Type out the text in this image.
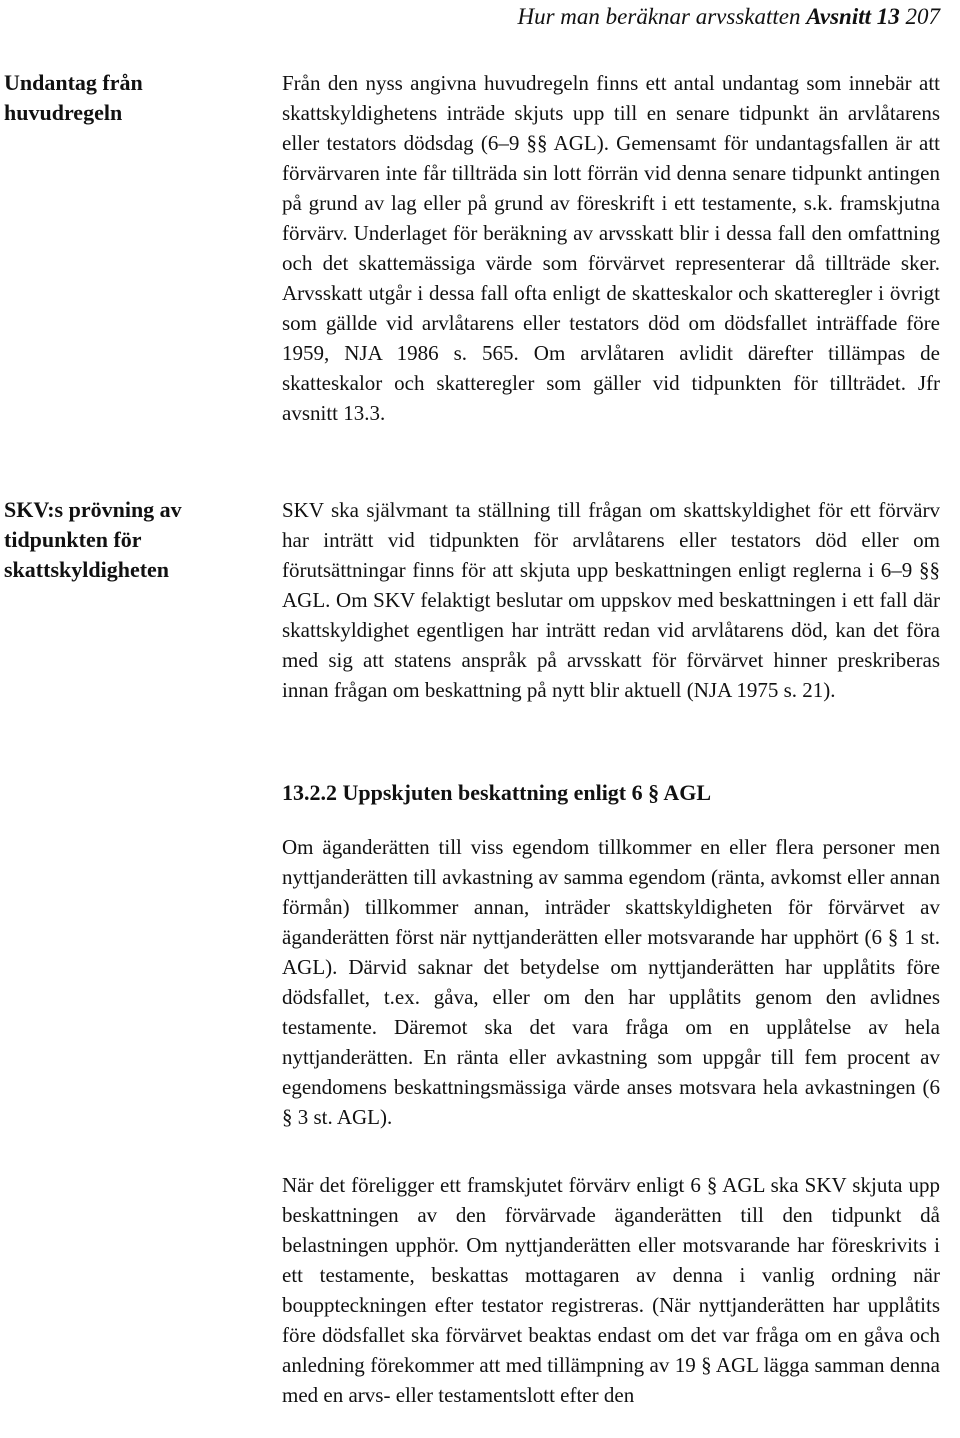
Hur man beräknar arvsskatten Avsnitt 13 207
Undantag från huvudregeln

Från den nyss angivna huvudregeln finns ett antal undantag som innebär att skattskyldighetens inträde skjuts upp till en senare tidpunkt än arvlåtarens eller testators dödsdag (6–9 §§ AGL). Gemensamt för undantagsfallen är att förvärvaren inte får tillträda sin lott förrän vid denna senare tidpunkt antingen på grund av lag eller på grund av föreskrift i ett testamente, s.k. framskjutna förvärv. Underlaget för beräkning av arvsskatt blir i dessa fall den omfattning och det skattemässiga värde som förvärvet representerar då tillträde sker. Arvsskatt utgår i dessa fall ofta enligt de skatteskalor och skatteregler i övrigt som gällde vid arvlåtarens eller testators död om dödsfallet inträffade före 1959, NJA 1986 s. 565. Om arvlåtaren avlidit därefter tillämpas de skatteskalor och skatteregler som gäller vid tidpunkten för tillträdet. Jfr avsnitt 13.3.

SKV:s prövning av tidpunkten för skattskyldigheten

SKV ska självmant ta ställning till frågan om skattskyldighet för ett förvärv har inträtt vid tidpunkten för arvlåtarens eller testators död eller om förutsättningar finns för att skjuta upp beskattningen enligt reglerna i 6–9 §§ AGL. Om SKV felaktigt beslutar om uppskov med beskattningen i ett fall där skattskyldighet egentligen har inträtt redan vid arvlåtarens död, kan det föra med sig att statens anspråk på arvsskatt för förvärvet hinner preskriberas innan frågan om beskattning på nytt blir aktuell (NJA 1975 s. 21).

13.2.2 Uppskjuten beskattning enligt 6 § AGL

Om äganderätten till viss egendom tillkommer en eller flera personer men nyttjanderätten till avkastning av samma egendom (ränta, avkomst eller annan förmån) tillkommer annan, inträder skattskyldigheten för förvärvet av äganderätten först när nyttjanderätten eller motsvarande har upphört (6 § 1 st. AGL). Därvid saknar det betydelse om nyttjanderätten har upplåtits före dödsfallet, t.ex. gåva, eller om den har upplåtits genom den avlidnes testamente. Däremot ska det vara fråga om en upplåtelse av hela nyttjanderätten. En ränta eller avkastning som uppgår till fem procent av egendomens beskattningsmässiga värde anses motsvara hela avkastningen (6 § 3 st. AGL).

När det föreligger ett framskjutet förvärv enligt 6 § AGL ska SKV skjuta upp beskattningen av den förvärvade äganderätten till den tidpunkt då belastningen upphör. Om nyttjanderätten eller motsvarande har föreskrivits i ett testamente, beskattas mottagaren av denna i vanlig ordning när bouppteckningen efter testator registreras. (När nyttjanderätten har upplåtits före dödsfallet ska förvärvet beaktas endast om det var fråga om en gåva och anledning förekommer att med tillämpning av 19 § AGL lägga samman denna med en arvs- eller testamentslott efter den
